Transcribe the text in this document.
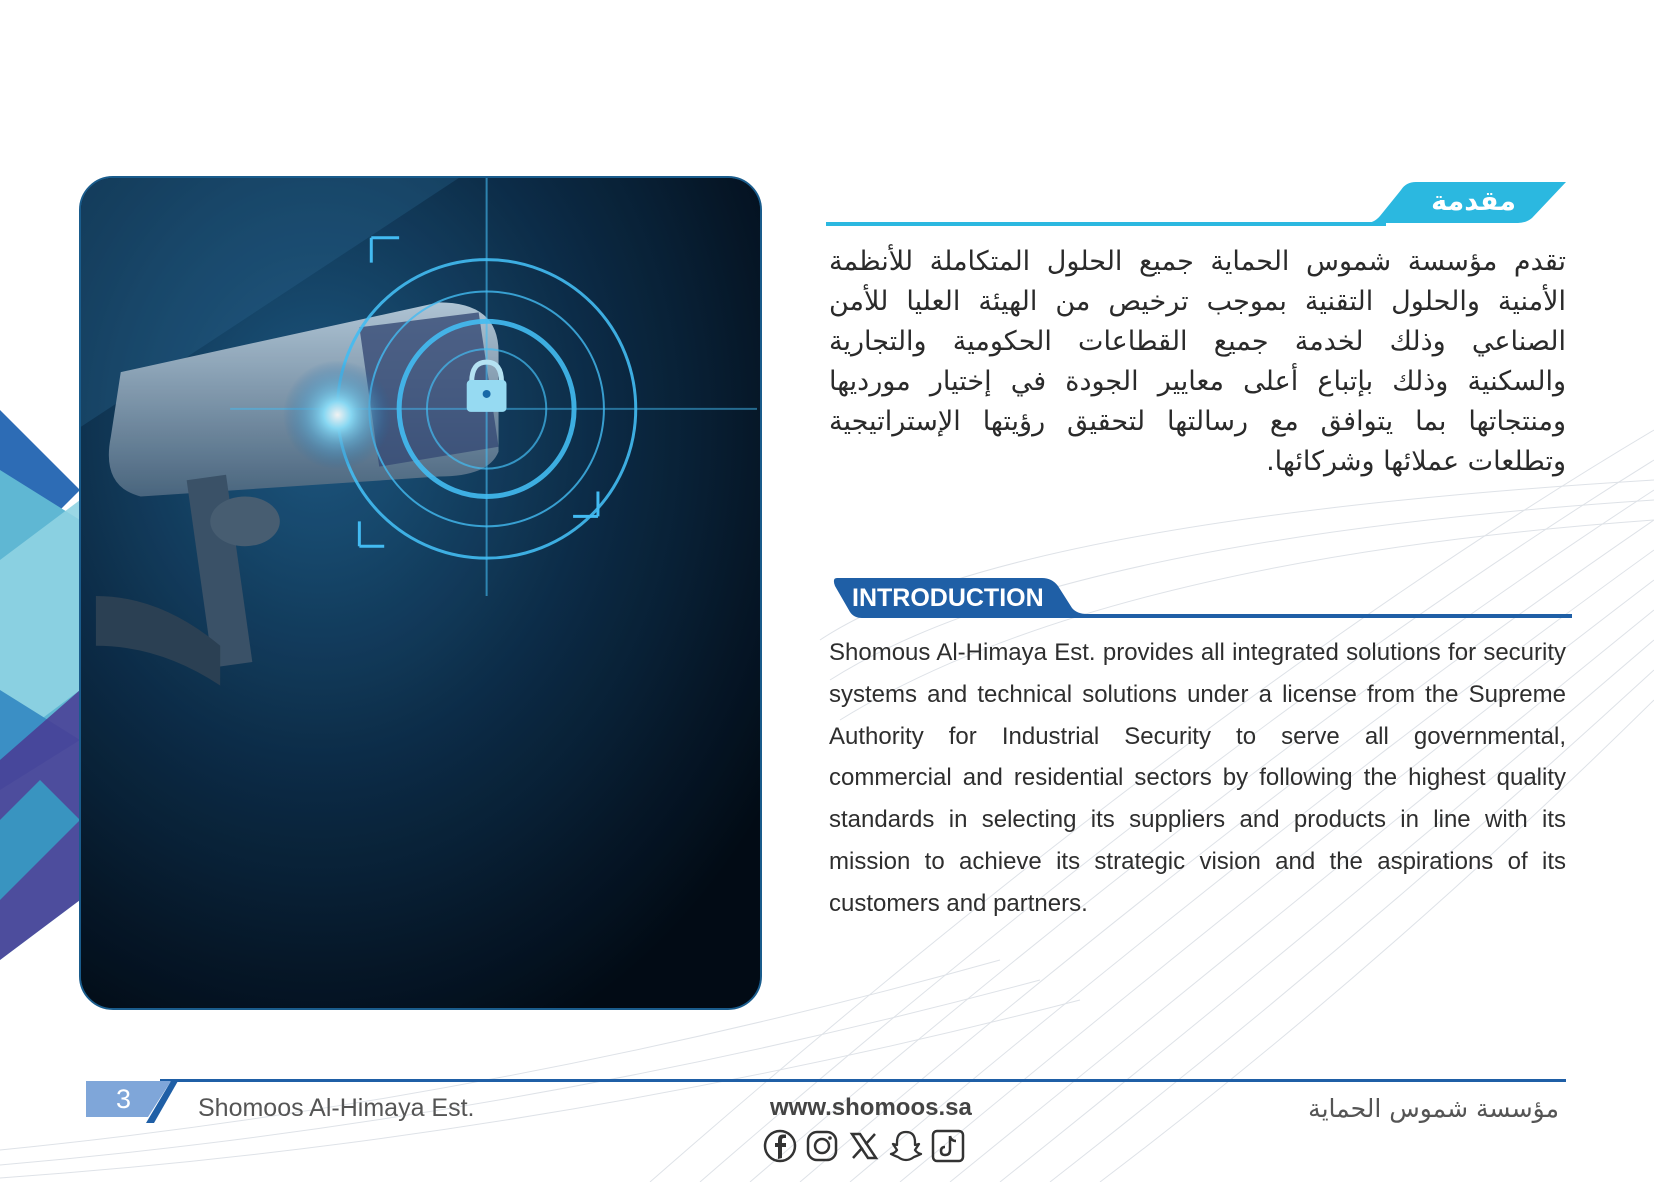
مقدمة

تقدم مؤسسة شموس الحماية جميع الحلول المتكاملة للأنظمة الأمنية والحلول التقنية بموجب ترخيص من الهيئة العليا للأمن الصناعي وذلك لخدمة جميع القطاعات الحكومية والتجارية والسكنية وذلك بإتباع أعلى معايير الجودة في إختيار مورديها ومنتجاتها بما يتوافق مع رسالتها لتحقيق رؤيتها الإستراتيجية وتطلعات عملائها وشركائها.

INTRODUCTION

Shomous Al-Himaya Est. provides all integrated solutions for security systems and technical solutions under a license from the Supreme Authority for Industrial Security to serve all governmental, commercial and residential sectors by following the highest quality standards in selecting its suppliers and products in line with its mission to achieve its strategic vision and the aspirations of its customers and partners.

3	Shomoos Al-Himaya Est.	www.shomoos.sa	مؤسسة شموس الحماية
